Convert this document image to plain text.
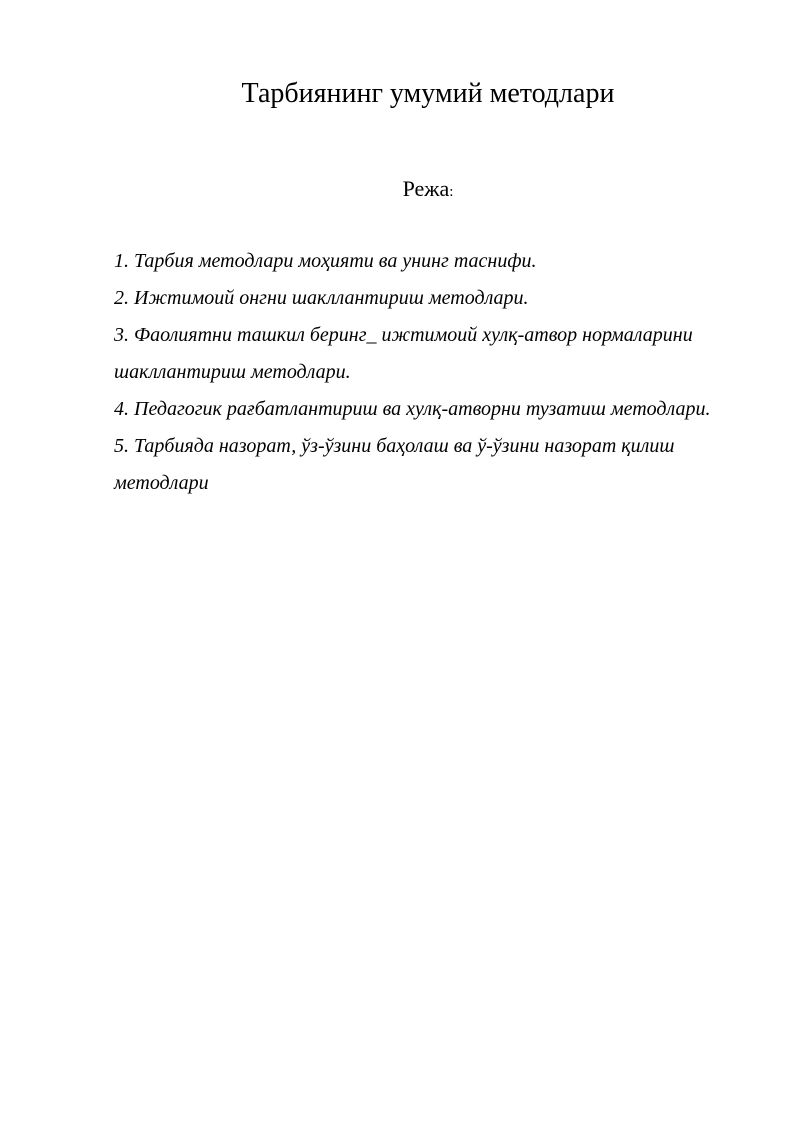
Тарбиянинг умумий методлари
Режа:
1. Тарбия методлари моҳияти ва унинг таснифи.
2. Ижтимоий онгни шакллантириш методлари.
3. Фаолиятни ташкил беринг_ ижтимоий хулқ-атвор нормаларини шакллантириш методлари.
4. Педагогик рағбатлантириш ва хулқ-атворни тузатиш методлари.
5. Тарбияда назорат, ўз-ўзини баҳолаш ва ў-ўзини назорат қилиш методлари
